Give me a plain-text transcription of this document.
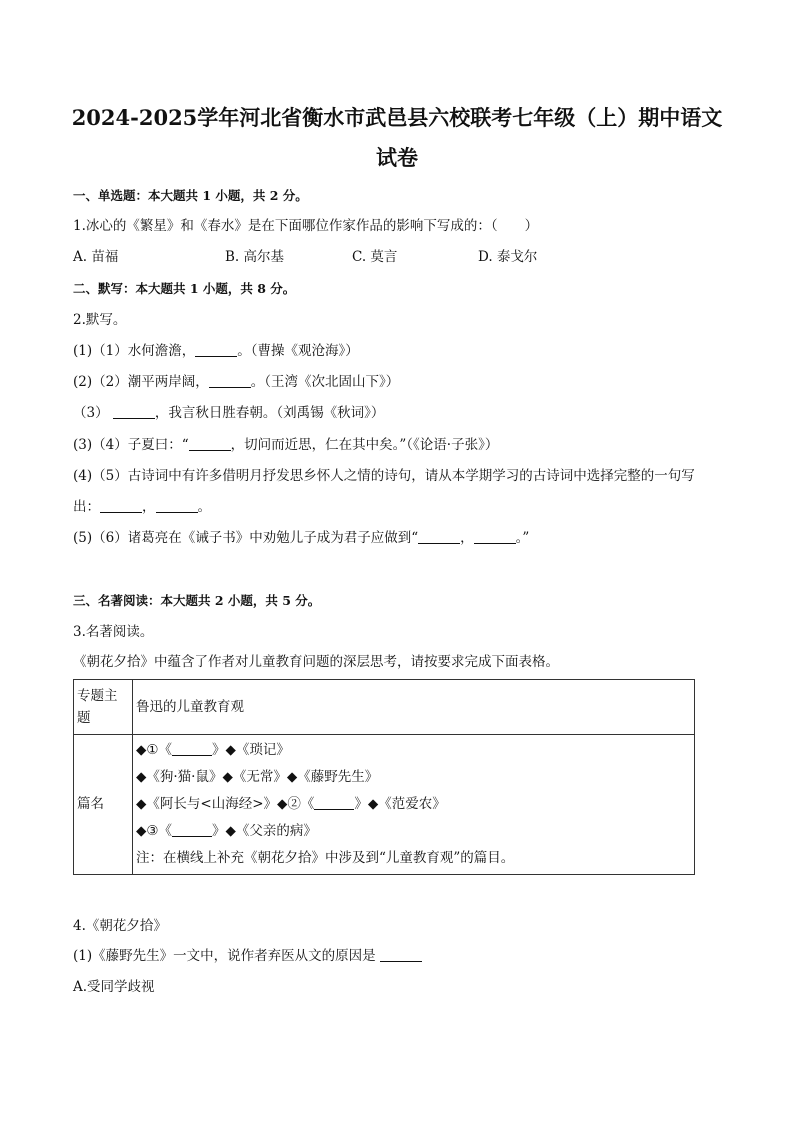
2024-2025学年河北省衡水市武邑县六校联考七年级（上）期中语文
试卷
一、单选题：本大题共 1 小题，共 2 分。
1.冰心的《繁星》和《春水》是在下面哪位作家作品的影响下写成的：（　　）
A. 苗福	B. 高尔基	C. 莫言	D. 泰戈尔
二、默写：本大题共 1 小题，共 8 分。
2.默写。
(1)（1）水何澹澹，	。（曹操《观沧海》）
(2)（2）潮平两岸阔，	。（王湾《次北固山下》）
（3）	，我言秋日胜春朝。（刘禹锡《秋词》）
(3)（4）子夏曰：“	，切问而近思，仁在其中矣。”（《论语·子张》）
(4)（5）古诗词中有许多借明月抒发思乡怀人之情的诗句，请从本学期学习的古诗词中选择完整的一句写
出：	，	。
(5)（6）诸葛亮在《诫子书》中劝勉儿子成为君子应做到“	，	。”
三、名著阅读：本大题共 2 小题，共 5 分。
3.名著阅读。
《朝花夕拾》中蕴含了作者对儿童教育问题的深层思考，请按要求完成下面表格。
专题主
题	鲁迅的儿童教育观
篇名	◆①《 》◆《琐记》
◆《狗·猫·鼠》◆《无常》◆《藤野先生》
◆《阿长与<山海经>》◆②《 》◆《范爱农》
◆③《 》◆《父亲的病》
注：在横线上补充《朝花夕拾》中涉及到“儿童教育观”的篇目。
4.《朝花夕拾》
(1)《藤野先生》一文中，说作者弃医从文的原因是
A.受同学歧视
